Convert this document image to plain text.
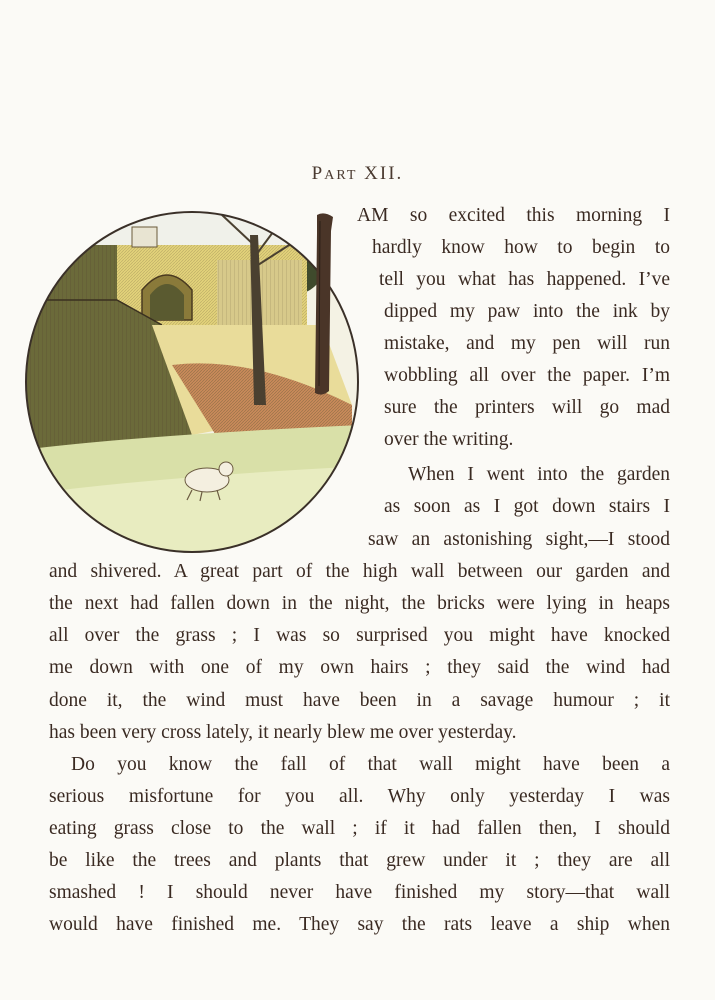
PART XII.
AM so excited this morning I
hardly know how to begin to
tell you what has happened. I’ve
dipped my paw into the ink by
mistake, and my pen will run
wobbling all over the paper. I’m
sure the printers will go mad
over the writing.
When I went into the garden
as soon as I got down stairs I
saw an astonishing sight,—I stood
and shivered. A great part of the high wall between our garden and
the next had fallen down in the night, the bricks were lying in heaps
all over the grass ; I was so surprised you might have knocked
me down with one of my own hairs ; they said the wind had
done it, the wind must have been in a savage humour ; it
has been very cross lately, it nearly blew me over yesterday.
Do you know the fall of that wall might have been a
serious misfortune for you all. Why only yesterday I was
eating grass close to the wall ; if it had fallen then, I should
be like the trees and plants that grew under it ; they are all
smashed ! I should never have finished my story—that wall
would have finished me. They say the rats leave a ship when
